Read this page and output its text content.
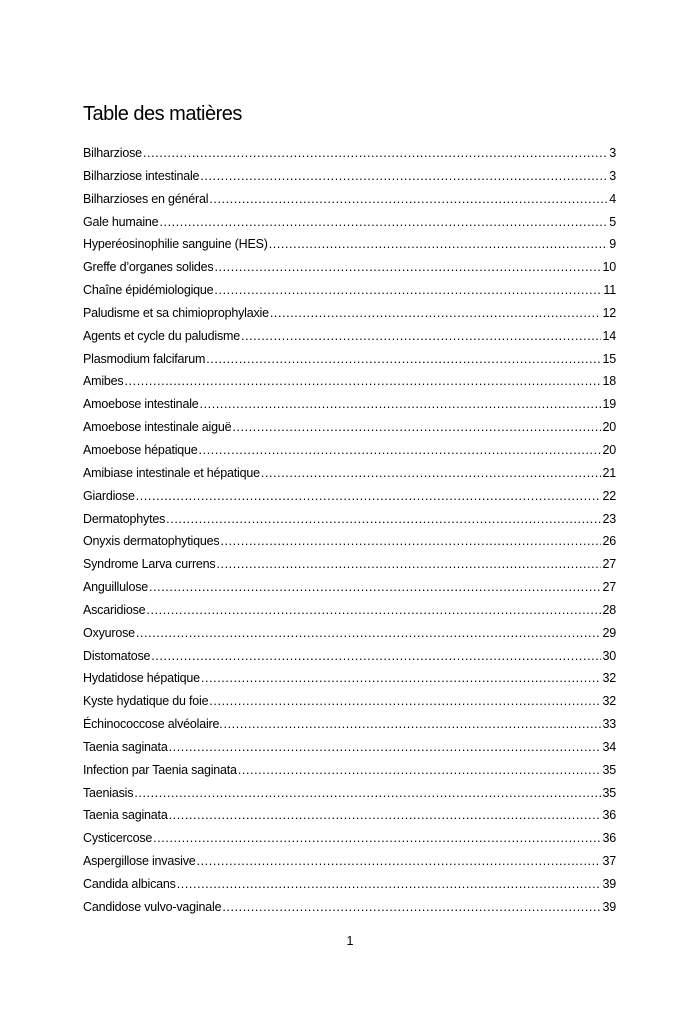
Table des matières
Bilharziose .....	3
Bilharziose intestinale .....	3
Bilharzioses en général .....	4
Gale humaine .....	5
Hyperéosinophilie sanguine (HES) .....	9
Greffe d’organes solides .....	10
Chaîne épidémiologique .....	11
Paludisme et sa chimioprophylaxie .....	12
Agents et cycle du paludisme .....	14
Plasmodium falcifarum .....	15
Amibes .....	18
Amoebose intestinale .....	19
Amoebose intestinale aiguë .....	20
Amoebose hépatique .....	20
Amibiase intestinale et hépatique .....	21
Giardiose .....	22
Dermatophytes .....	23
Onyxis dermatophytiques .....	26
Syndrome Larva currens .....	27
Anguillulose .....	27
Ascaridiose .....	28
Oxyurose .....	29
Distomatose .....	30
Hydatidose hépatique .....	32
Kyste hydatique du foie .....	32
Échinococcose alvéolaire. .....	33
Taenia saginata .....	34
Infection par Taenia saginata .....	35
Taeniasis .....	35
Taenia saginata .....	36
Cysticercose .....	36
Aspergillose invasive .....	37
Candida albicans .....	39
Candidose vulvo-vaginale .....	39
1
